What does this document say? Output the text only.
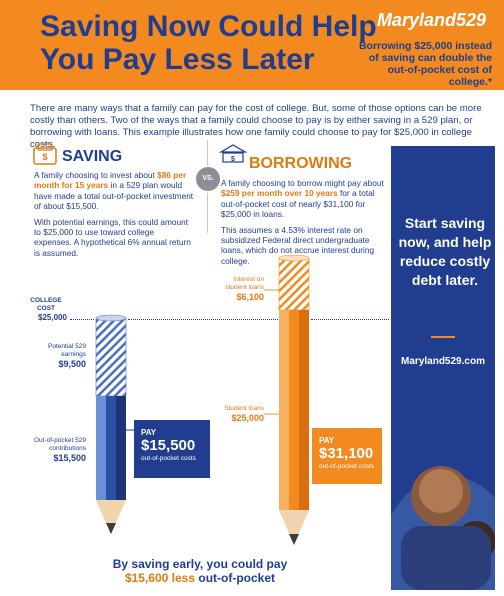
Saving Now Could Help You Pay Less Later
Maryland529
Borrowing $25,000 instead of saving can double the out-of-pocket cost of college.*
There are many ways that a family can pay for the cost of college. But, some of those options can be more costly than others. Two of the ways that a family could choose to pay is by either saving in a 529 plan, or borrowing with loans. This example illustrates how one family could choose to pay for $25,000 in college costs.
$	$
SAVING
A family choosing to invest about $86 per month for 15 years in a 529 plan would have made a total out-of-pocket investment of about $15,500.
With potential earnings, this could amount to $25,000 to use toward college expenses. A hypothetical 6% annual return is assumed.
VS.
BORROWING
A family choosing to borrow might pay about $259 per month over 10 years for a total out-of-pocket cost of nearly $31,100 for $25,000 in loans.
This assumes a 4.53% interest rate on subsidized Federal direct undergraduate loans, which do not accrue interest during college.
Start saving now, and help reduce costly debt later.
Maryland529.com
COLLEGE COST
$25,000
Potential 529 earnings
$9,500
Out-of-pocket 529 contributions
$15,500
Interest on student loans
$6,100
Student loans
$25,000
PAY
$15,500
out-of-pocket costs
PAY
$31,100
out-of-pocket costs
By saving early, you could pay
$15,600 less out-of-pocket
